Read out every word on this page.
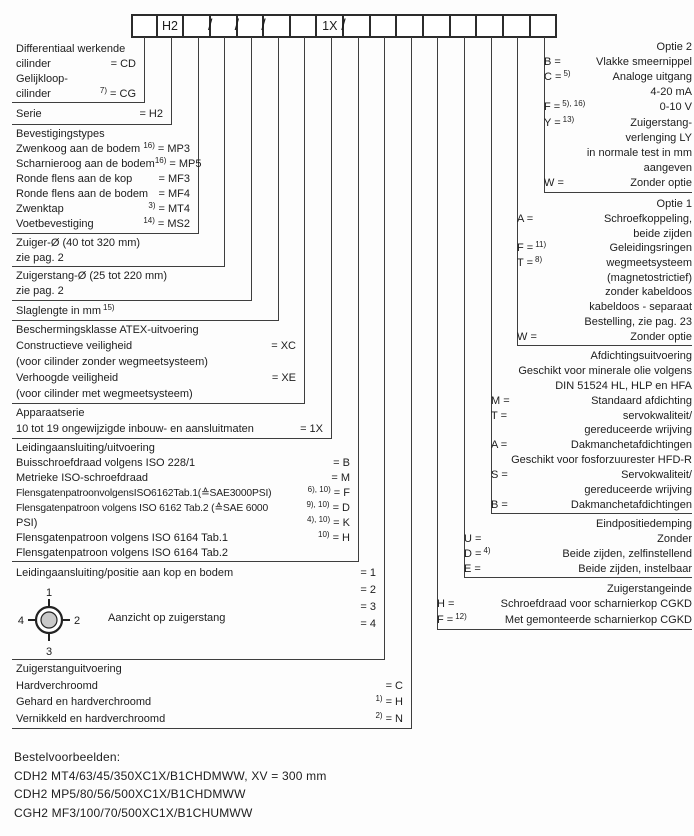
H2	1X
/ / /	/
Differentiaal werkende
cilinder	= CD
Gelijkloop-
cilinder	$^{7)}$ = CG
Serie	= H2
Bevestigingstypes
Zwenkoog aan de bodem $^{16)}$ = MP3
Scharnieroog aan de bodem $^{16)}$ = MP5
Ronde flens aan de kop = MF3
Ronde flens aan de bodem = MF4
Zwenktap	$^{3)}$ = MT4
Voetbevestiging	$^{14)}$ = MS2
Zuiger-Ø (40 tot 320 mm)
zie pag. 2
Zuigerstang-Ø (25 tot 220 mm)
zie pag. 2
Slaglengte in mm 15)
Beschermingsklasse ATEX-uitvoering
Constructieve veiligheid	= XC
(voor cilinder zonder wegmeetsysteem)
Verhoogde veiligheid	= XE
(voor cilinder met wegmeetsysteem)
Apparaatserie
10 tot 19 ongewijzigde inbouw- en aansluitmaten	= 1X
Leidingaansluiting/uitvoering
Buisschroefdraad volgens ISO 228/1	= B
Metrieke ISO-schroefdraad	= M
FlensgatenpatroonvolgensISO6162Tab.1(≙SAE3000PSI)	$^{6), 10)}$ = F
Flensgatenpatroon volgens ISO 6162 Tab.2 (≙SAE 6000	$^{9), 10)}$ = D
PSI)	$^{4), 10)}$ = K
Flensgatenpatroon volgens ISO 6164 Tab.1	$^{10)}$ = H
Flensgatenpatroon volgens ISO 6164 Tab.2
Leidingaansluiting/positie aan kop en bodem	= 1
= 2
= 3
= 4
1
2
3
4	Aanzicht op zuigerstang
Zuigerstanguitvoering
Hardverchroomd	= C
Gehard en hardverchroomd	$^{1)}$ = H
Vernikkeld en hardverchroomd	$^{2)}$ = N
Optie 2
B =	Vlakke smeernippel
C = 5)	Analoge uitgang
4-20 mA
F = 5), 16)	0-10 V
Y = 13)	Zuigerstang-
verlenging LY
in normale test in mm
aangeven
W =	Zonder optie
Optie 1
A =	Schroefkoppeling,
beide zijden
F = 11)	Geleidingsringen
T = 8)	wegmeetsysteem
(magnetostrictief)
zonder kabeldoos
kabeldoos - separaat
Bestelling, zie pag. 23
W =	Zonder optie
Afdichtingsuitvoering
Geschikt voor minerale olie volgens
DIN 51524 HL, HLP en HFA
M =	Standaard afdichting
T =	servokwaliteit/
gereduceerde wrijving
A =	Dakmanchetafdichtingen
Geschikt voor fosforzuurester HFD-R
S =	Servokwaliteit/
gereduceerde wrijving
B =	Dakmanchetafdichtingen
Eindpositiedemping
U =	Zonder
D = 4)	Beide zijden, zelfinstellend
E =	Beide zijden, instelbaar
Zuigerstangeinde
H =	Schroefdraad voor scharnierkop CGKD
F = 12)	Met gemonteerde scharnierkop CGKD
Bestelvoorbeelden:
CDH2 MT4/63/45/350XC1X/B1CHDMWW, XV = 300 mm
CDH2 MP5/80/56/500XC1X/B1CHDMWW
CGH2 MF3/100/70/500XC1X/B1CHUMWW
